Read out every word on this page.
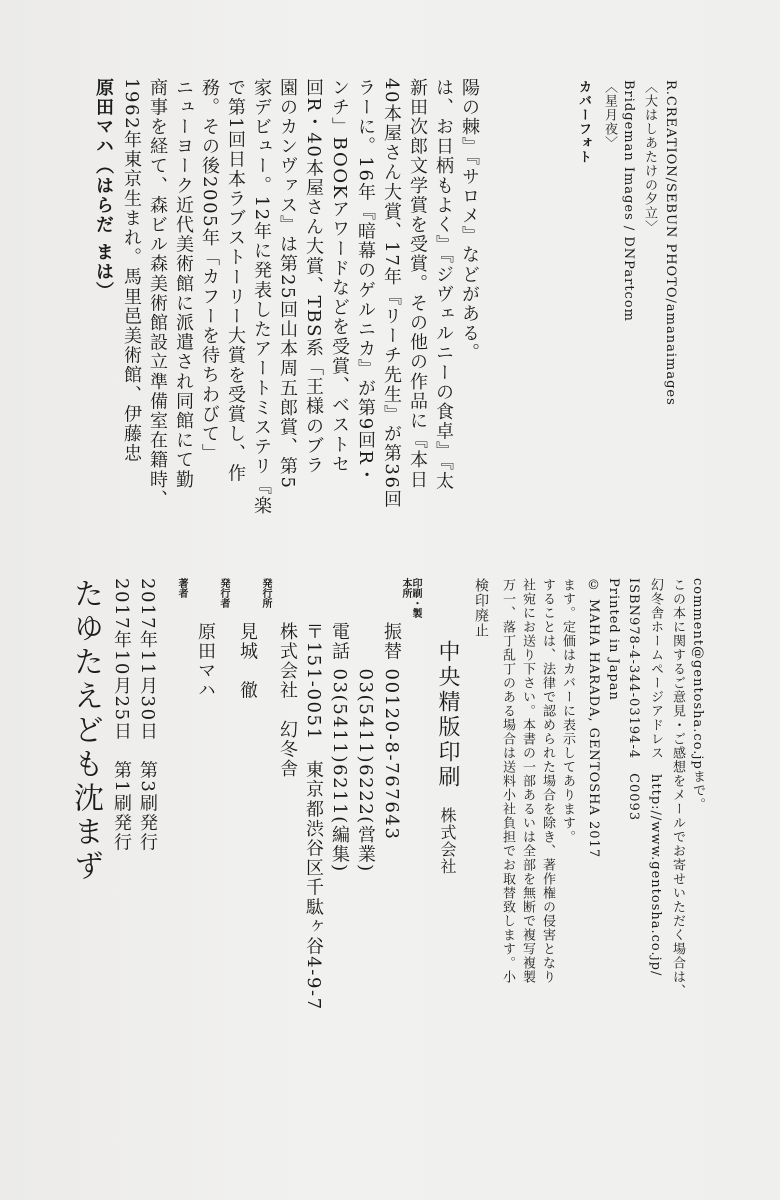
原田マハ（はらだ まは） 1962年東京生まれ。馬里邑美術館、伊藤忠 商事を経て、森ビル森美術館設立準備室在籍時、 ニューヨーク近代美術館に派遣され同館にて勤 務。その後2005年「カフーを待ちわびて」 で第1回日本ラブストーリー大賞を受賞し、作 家デビュー。12年に発表したアートミステリ『楽 園のカンヴァス』は第25回山本周五郎賞、第5 回R・40本屋さん大賞、TBS系「王様のブラ ンチ」BOOKアワードなどを受賞、ベストセ ラーに。16年『暗幕のゲルニカ』が第9回R・ 40本屋さん大賞、17年『リーチ先生』が第36回 新田次郎文学賞を受賞。その他の作品に『本日 は、お日柄もよく』『ジヴェルニーの食卓』『太 陽の棘』『サロメ』などがある。	カバーフォト 〈星月夜〉 Bridgeman Images / DNPartcom 〈大はしあたけの夕立〉 R.CREATION/SEBUN PHOTO/amanaimages
たゆたえども沈まず 2017年10月25日　第1刷発行 2017年11月30日　第3刷発行 著者
原田マハ
発行者
見城　徹
発行所
株式会社　幻冬舎 〒151-0051　東京都渋谷区千駄ヶ谷4-9-7 電話 03(5411)6211(編集) 　　 03(5411)6222(営業) 振替 00120-8-767643
印刷・製本所
中央精版印刷　株式会社
検印廃止 万一、落丁乱丁のある場合は送料小社負担でお取替致します。小 社宛にお送り下さい。本書の一部あるいは全部を無断で複写複製 することは、法律で認められた場合を除き、著作権の侵害となり ます。定価はカバーに表示してあります。 © MAHA HARADA, GENTOSHA 2017 Printed in Japan ISBN978-4-344-03194-4　C0093 幻冬舎ホームページアドレス　http://www.gentosha.co.jp/ この本に関するご意見・ご感想をメールでお寄せいただく場合は、 comment@gentosha.co.jpまで。
